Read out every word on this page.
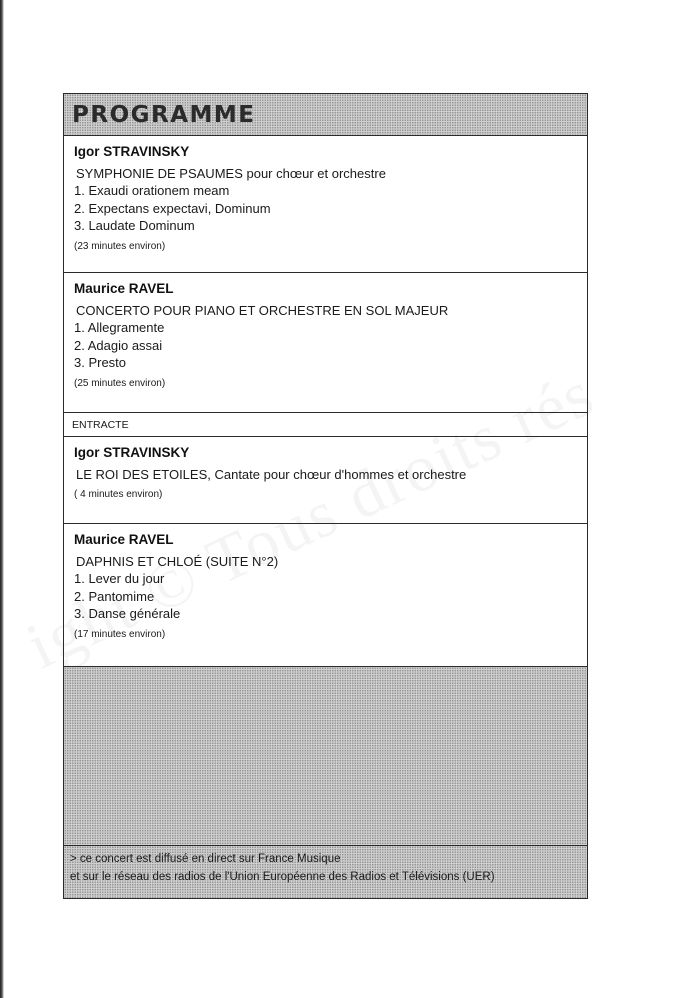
PROGRAMME
Igor STRAVINSKY
SYMPHONIE DE PSAUMES pour chœur et orchestre
1. Exaudi orationem meam
2. Expectans expectavi, Dominum
3. Laudate Dominum
(23 minutes environ)
Maurice RAVEL
CONCERTO POUR PIANO ET ORCHESTRE EN SOL MAJEUR
1. Allegramente
2. Adagio assai
3. Presto
(25 minutes environ)
ENTRACTE
Igor STRAVINSKY
LE ROI DES ETOILES, Cantate pour chœur d'hommes et orchestre
( 4 minutes environ)
Maurice RAVEL
DAPHNIS ET CHLOÉ (SUITE N°2)
1. Lever du jour
2. Pantomime
3. Danse générale
(17 minutes environ)
> ce concert est diffusé en direct sur France Musique
et sur le réseau des radios de l'Union Européenne des Radios et Télévisions (UER)
